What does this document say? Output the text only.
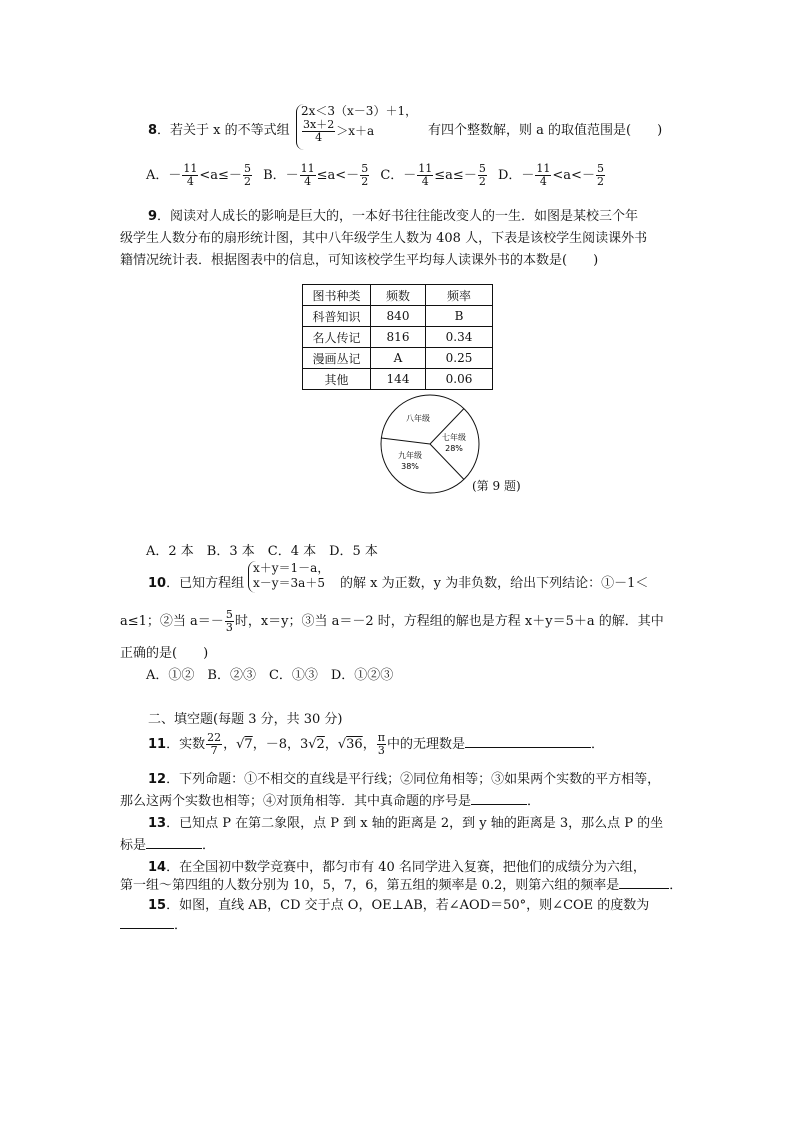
8．若关于 x 的不等式组
2x＜3（x－3）＋1，
$\frac{3x+2}{4} >x+a$	有四个整数解，则 a 的取值范围是(　　)
A．－ $\frac{11}{4} <a\le- \frac{5}{2}$ B．－ $\frac{11}{4} \le a<- \frac{5}{2}$ C．－ $\frac{11}{4} \le a\le- \frac{5}{2}$ D．－ $\frac{11}{4} <a<- \frac{5}{2}$
9．阅读对人成长的影响是巨大的，一本好书往往能改变人的一生．如图是某校三个年
级学生人数分布的扇形统计图，其中八年级学生人数为 408 人，下表是该校学生阅读课外书
籍情况统计表．根据图表中的信息，可知该校学生平均每人读课外书的本数是(　　)
图书种类	频数	频率
科普知识	840	B
名人传记	816	0.34
漫画丛记	A	0.25
其他	144	0.06
八年级
七年级
28%
九年级
38%
(第 9 题)
A．2 本　B．3 本　C．4 本　D．5 本
10．已知方程组
x＋y＝1－a，
x－y＝3a＋5	的解 x 为正数，y 为非负数，给出下列结论：①－1＜
a≤1；②当 $a=- \frac{5}{3}$ 时，x＝y；③当 a＝－2 时，方程组的解也是方程 x＋y＝5＋a 的解．其中
正确的是(　　)
A．①②　B．②③　C．①③　D．①②③
二、填空题(每题 3 分，共 30 分)
11．实数 $\frac{22}{7}$ ，√7，－8，3√2，√36， $\frac{\pi}{3}$ 中的无理数是	．
12．下列命题：①不相交的直线是平行线；②同位角相等；③如果两个实数的平方相等，
那么这两个实数也相等；④对顶角相等．其中真命题的序号是	．
13．已知点 P 在第二象限，点 P 到 x 轴的距离是 2，到 y 轴的距离是 3，那么点 P 的坐
标是	．
14．在全国初中数学竞赛中，都匀市有 40 名同学进入复赛，把他们的成绩分为六组，
第一组～第四组的人数分别为 10，5，7，6，第五组的频率是 0.2，则第六组的频率是	．
15．如图，直线 AB，CD 交于点 O，OE⊥AB，若∠AOD＝50°，则∠COE 的度数为
．
